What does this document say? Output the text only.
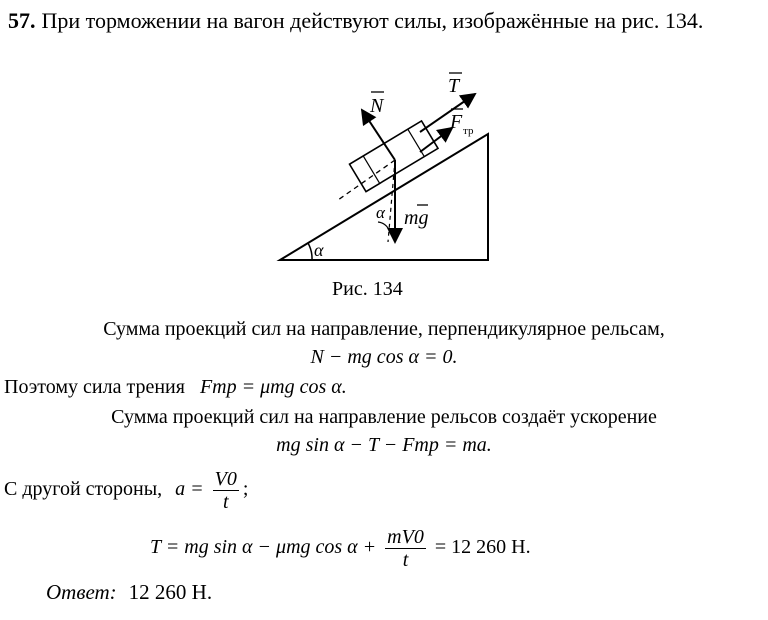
57. При торможении на вагон действуют силы, изображённые на рис. 134.
α
α mg
N
T
F тр
Рис. 134
Сумма проекций сил на направление, перпендикулярное рельсам,
N − mg cos α = 0.
Поэтому сила трения Fтр = μmg cos α.
Сумма проекций сил на направление рельсов создаёт ускорение
mg sin α − T − Fтр = ma.
С другой стороны, $a = \frac{V0}{t}$ ;
T = mg sin α − μmg $\cos \alpha + \frac{mV0}{t} = 12$ 260 Н.
Ответ: 12 260 Н.
